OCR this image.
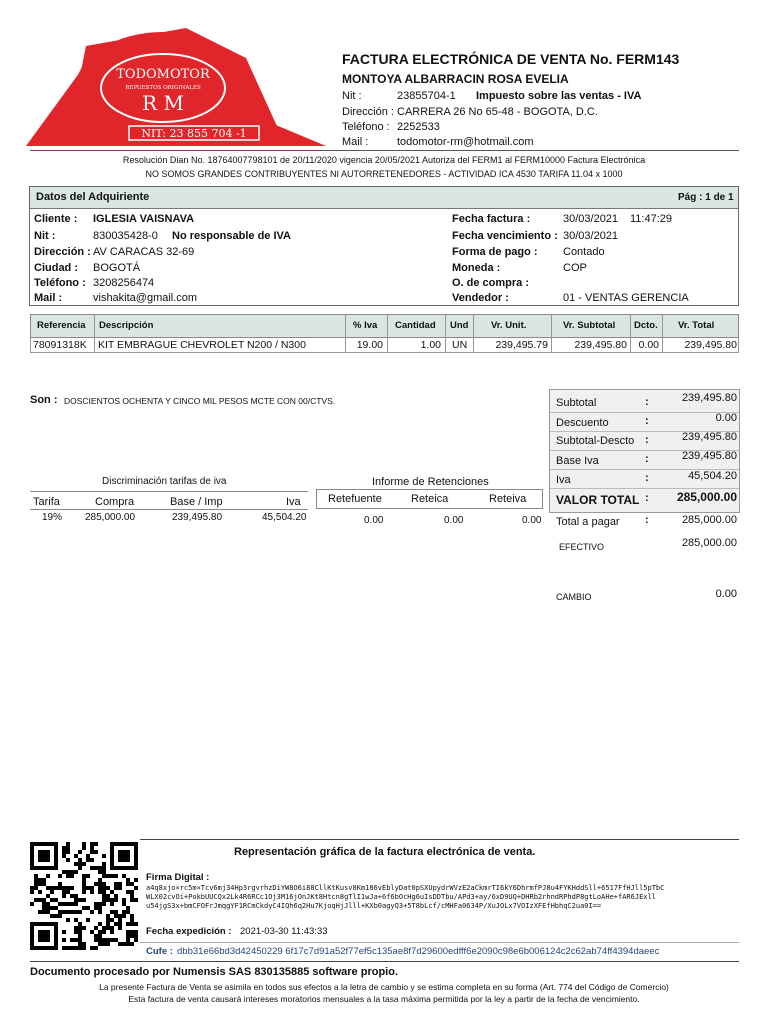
TODOMOTOR
REPUESTOS ORIGINALES
R M
NIT: 23 855 704 -1
FACTURA ELECTRÓNICA DE VENTA No. FERM143
MONTOYA ALBARRACIN ROSA EVELIA
Nit :	23855704-1 Impuesto sobre las ventas - IVA
Dirección : CARRERA 26 No 65-48 - BOGOTA, D.C.
Teléfono : 2252533
Mail :	todomotor-rm@hotmail.com
Resolución Dian No. 18764007798101 de 20/11/2020 vigencia 20/05/2021 Autoriza del FERM1 al FERM10000 Factura Electrónica
NO SOMOS GRANDES CONTRIBUYENTES NI AUTORRETENEDORES - ACTIVIDAD ICA 4530 TARIFA 11.04 x 1000
Datos del Adquiriente	Pág : 1 de 1
Cliente : IGLESIA VAISNAVA
Nit :	830035428-0 No responsable de IVA
Dirección : AV CARACAS 32-69
Ciudad : BOGOTÁ
Teléfono : 3208256474
Mail :	vishakita@gmail.com
Fecha factura :	30/03/2021 11:47:29
Fecha vencimiento : 30/03/2021
Forma de pago : Contado
Moneda :	COP
O. de compra :
Vendedor :	01 - VENTAS GERENCIA
Referencia Descripción	% Iva Cantidad Und Vr. Unit.	Vr. Subtotal Dcto. Vr. Total
78091318K KIT EMBRAGUE CHEVROLET N200 / N300	19.00	1.00 UN	239,495.79	239,495.80 0.00 239,495.80
Son : DOSCIENTOS OCHENTA Y CINCO MIL PESOS MCTE CON 00/CTVS.
Discriminación tarifas de iva
Tarifa	Compra	Base / Imp	Iva
19% 285,000.00	239,495.80	45,504.20
Informe de Retenciones
Retefuente	Reteica	Reteiva
0.00	0.00	0.00
Subtotal	:	239,495.80
Descuento	:	0.00
Subtotal-Descto :	239,495.80
Base Iva	:	239,495.80
Iva	:	45,504.20
VALOR TOTAL : 285,000.00
Total a pagar :	285,000.00
EFECTIVO	285,000.00
CAMBIO	0.00
Representación gráfica de la factura electrónica de venta.
Firma Digital :
a4q8xjo×rc5m×Tcv6mj34Hp3rgvrhzDiYW8O6i88CllKtKusv8Km186vEblyDat0pSXUpydrWVzE2aCkmrTI6kY6DhrmfPJ8u4FYKHddSll+6517FfHJll5pTbC
WLX02cvOi+PokbUUCQx2Lk4R6RCc1Oj3M16jOnJKt8Htcn8gTlI1wJa+6f6bOcHg6uIsDDTbu/APd3+ay/6xD9UQ+DHRb2rhndRPhdP8gtLoAHe+fAR6JExll
u54jgS3x+bmCFOFrJmqgYF1RCmCkdyC4IQh6q2Hu7KjoqHjJlll+KXb0agyQ3+5T8bLcf/cMHFa0634P/XuJOLx7VOIzXFEfHbhqC2ua0I==
Fecha expedición : 2021-03-30 11:43:33
Cufe : dbb31e66bd3d42450229 6f17c7d91a52f77ef5c135ae8f7d29600edfff6e2090c98e6b006124c2c62ab74ff4394daeec
Documento procesado por Numensis SAS 830135885 software propio.
La presente Factura de Venta se asimila en todos sus efectos a la letra de cambio y se estima completa en su forma (Art. 774 del Código de Comercio)
Esta factura de venta causará intereses moratorios mensuales a la tasa máxima permitida por la ley a partir de la fecha de vencimiento.
